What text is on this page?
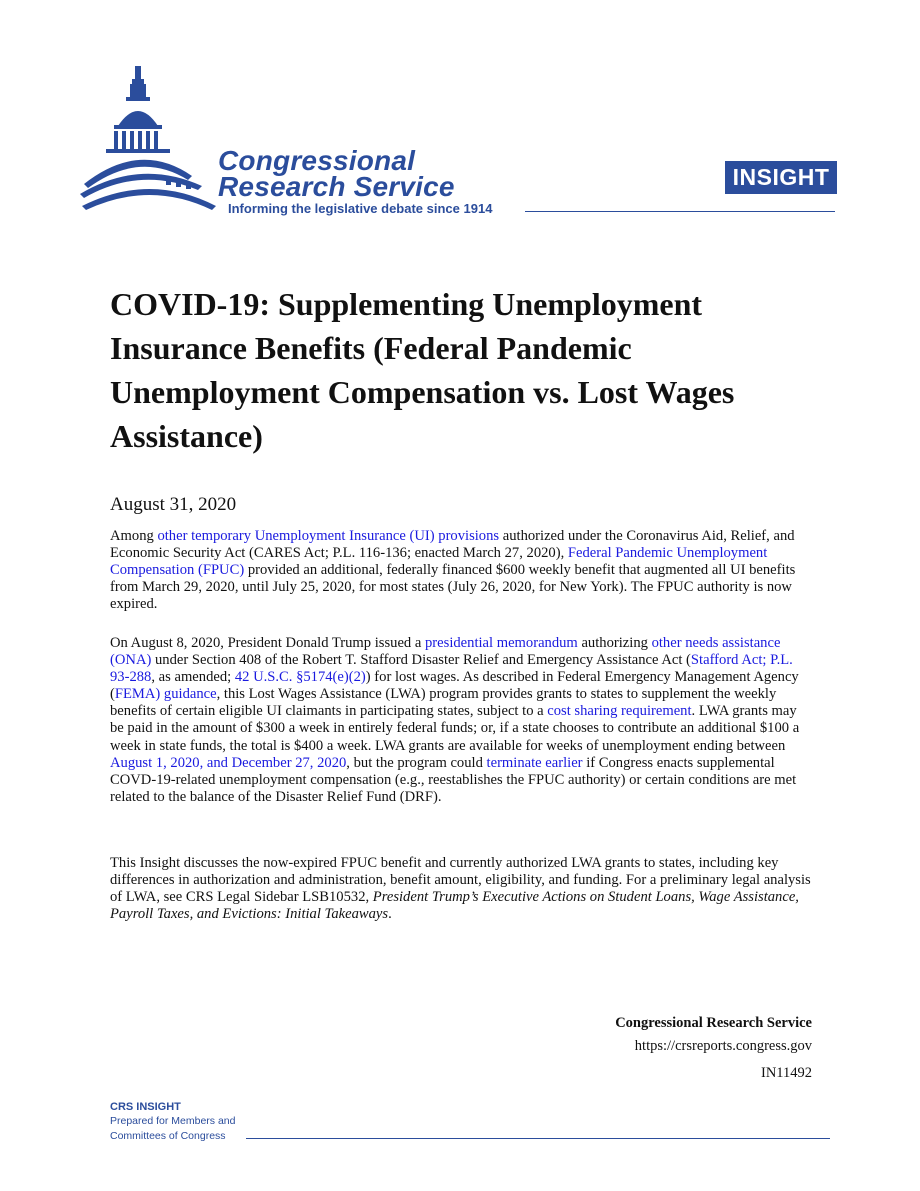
Congressional
Research Service
Informing the legislative debate since 1914
INSIGHT
COVID-19: Supplementing Unemployment Insurance Benefits (Federal Pandemic Unemployment Compensation vs. Lost Wages Assistance)
August 31, 2020

Among other temporary Unemployment Insurance (UI) provisions authorized under the Coronavirus Aid, Relief, and Economic Security Act (CARES Act; P.L. 116-136; enacted March 27, 2020), Federal Pandemic Unemployment Compensation (FPUC) provided an additional, federally financed $600 weekly benefit that augmented all UI benefits from March 29, 2020, until July 25, 2020, for most states (July 26, 2020, for New York). The FPUC authority is now expired.

On August 8, 2020, President Donald Trump issued a presidential memorandum authorizing other needs assistance (ONA) under Section 408 of the Robert T. Stafford Disaster Relief and Emergency Assistance Act (Stafford Act; P.L. 93-288, as amended; 42 U.S.C. §5174(e)(2)) for lost wages. As described in Federal Emergency Management Agency (FEMA) guidance, this Lost Wages Assistance (LWA) program provides grants to states to supplement the weekly benefits of certain eligible UI claimants in participating states, subject to a cost sharing requirement. LWA grants may be paid in the amount of $300 a week in entirely federal funds; or, if a state chooses to contribute an additional $100 a week in state funds, the total is $400 a week. LWA grants are available for weeks of unemployment ending between August 1, 2020, and December 27, 2020, but the program could terminate earlier if Congress enacts supplemental COVD-19-related unemployment compensation (e.g., reestablishes the FPUC authority) or certain conditions are met related to the balance of the Disaster Relief Fund (DRF).

This Insight discusses the now-expired FPUC benefit and currently authorized LWA grants to states, including key differences in authorization and administration, benefit amount, eligibility, and funding. For a preliminary legal analysis of LWA, see CRS Legal Sidebar LSB10532, President Trump’s Executive Actions on Student Loans, Wage Assistance, Payroll Taxes, and Evictions: Initial Takeaways.

Congressional Research Service
https://crsreports.congress.gov
IN11492
CRS INSIGHT
Prepared for Members and
Committees of Congress
